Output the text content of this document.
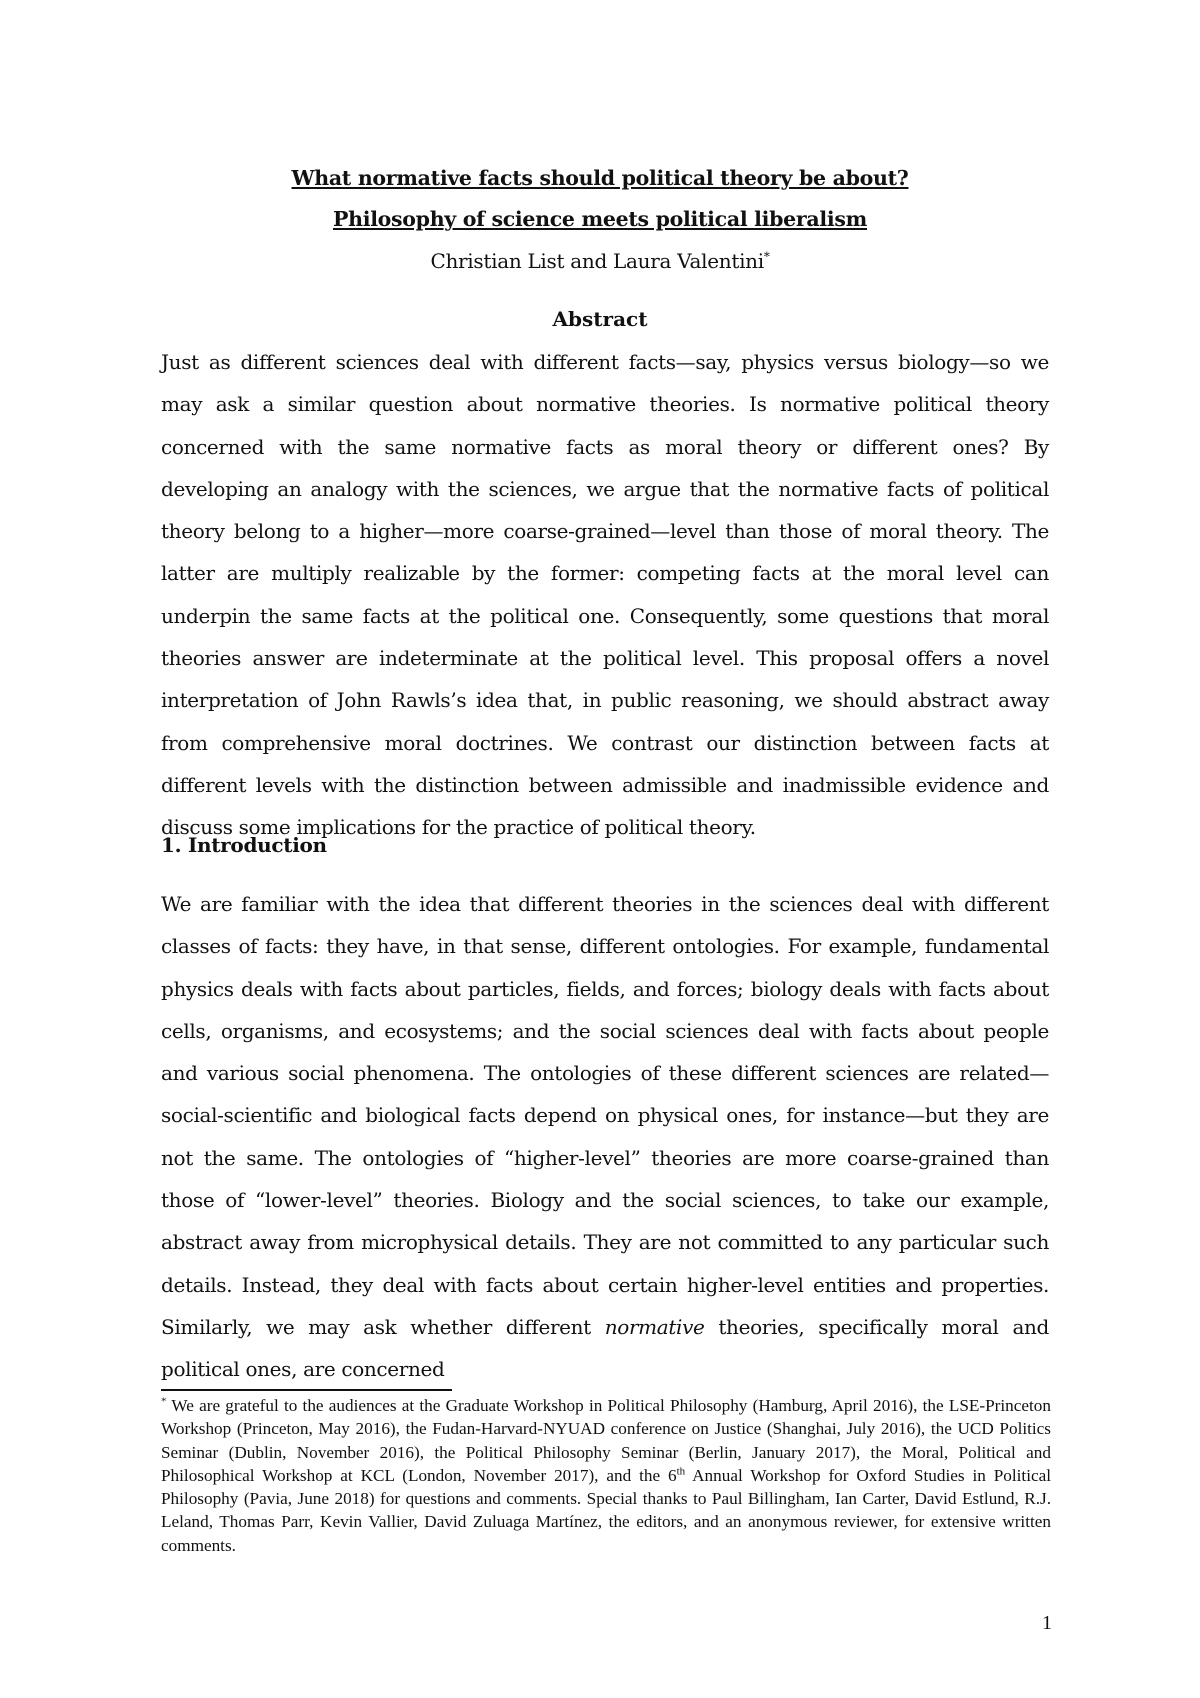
What normative facts should political theory be about?
Philosophy of science meets political liberalism
Christian List and Laura Valentini*
Abstract

Just as different sciences deal with different facts—say, physics versus biology—so we may ask a similar question about normative theories. Is normative political theory concerned with the same normative facts as moral theory or different ones? By developing an analogy with the sciences, we argue that the normative facts of political theory belong to a higher—more coarse-grained—level than those of moral theory. The latter are multiply realizable by the former: competing facts at the moral level can underpin the same facts at the political one. Consequently, some questions that moral theories answer are indeterminate at the political level. This proposal offers a novel interpretation of John Rawls’s idea that, in public reasoning, we should abstract away from comprehensive moral doctrines. We contrast our distinction between facts at different levels with the distinction between admissible and inadmissible evidence and discuss some implications for the practice of political theory.

1. Introduction

We are familiar with the idea that different theories in the sciences deal with different classes of facts: they have, in that sense, different ontologies. For example, fundamental physics deals with facts about particles, fields, and forces; biology deals with facts about cells, organisms, and ecosystems; and the social sciences deal with facts about people and various social phenomena. The ontologies of these different sciences are related—social-scientific and biological facts depend on physical ones, for instance—but they are not the same. The ontologies of “higher-level” theories are more coarse-grained than those of “lower-level” theories. Biology and the social sciences, to take our example, abstract away from microphysical details. They are not committed to any particular such details. Instead, they deal with facts about certain higher-level entities and properties. Similarly, we may ask whether different normative theories, specifically moral and political ones, are concerned

* We are grateful to the audiences at the Graduate Workshop in Political Philosophy (Hamburg, April 2016), the LSE-Princeton Workshop (Princeton, May 2016), the Fudan-Harvard-NYUAD conference on Justice (Shanghai, July 2016), the UCD Politics Seminar (Dublin, November 2016), the Political Philosophy Seminar (Berlin, January 2017), the Moral, Political and Philosophical Workshop at KCL (London, November 2017), and the 6th Annual Workshop for Oxford Studies in Political Philosophy (Pavia, June 2018) for questions and comments. Special thanks to Paul Billingham, Ian Carter, David Estlund, R.J. Leland, Thomas Parr, Kevin Vallier, David Zuluaga Martínez, the editors, and an anonymous reviewer, for extensive written comments.

1
